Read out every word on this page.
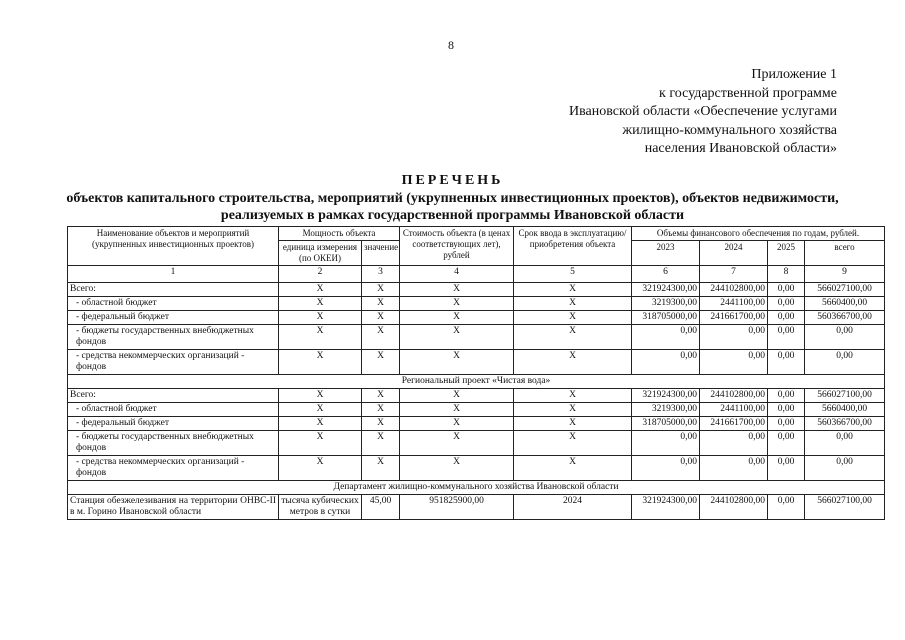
8
Приложение 1
к государственной программе
Ивановской области «Обеспечение услугами
жилищно-коммунального хозяйства
населения Ивановской области»
ПЕРЕЧЕНЬ
объектов капитального строительства, мероприятий (укрупненных инвестиционных проектов), объектов недвижимости, реализуемых в рамках государственной программы Ивановской области
Наименование объектов и мероприятий (укрупненных инвестиционных проектов)	Мощность объекта		Стоимость объекта (в ценах соответствующих лет), рублей	Срок ввода в эксплуатацию/ приобретения объекта	Объемы финансового обеспечения по годам, рублей.			
	единица измерения (по ОКЕИ)	значение			2023	2024	2025	всего
1	2	3	4	5	6	7	8	9
Всего:	X	X	X	X	321924300,00	244102800,00	0,00	566027100,00
- областной бюджет	X	X	X	X	3219300,00	2441100,00	0,00	5660400,00
- федеральный бюджет	X	X	X	X	318705000,00	241661700,00	0,00	560366700,00
- бюджеты государственных внебюджетных фондов	X	X	X	X	0,00	0,00	0,00	0,00
- средства некоммерческих организаций - фондов	X	X	X	X	0,00	0,00	0,00	0,00
Региональный проект «Чистая вода»								
Всего:	X	X	X	X	321924300,00	244102800,00	0,00	566027100,00
- областной бюджет	X	X	X	X	3219300,00	2441100,00	0,00	5660400,00
- федеральный бюджет	X	X	X	X	318705000,00	241661700,00	0,00	560366700,00
- бюджеты государственных внебюджетных фондов	X	X	X	X	0,00	0,00	0,00	0,00
- средства некоммерческих организаций - фондов	X	X	X	X	0,00	0,00	0,00	0,00
Департамент жилищно-коммунального хозяйства Ивановской области								
Станция обезжелезивания на территории ОНВС-II в м. Горино Ивановской области	тысяча кубических метров в сутки	45,00	951825900,00	2024	321924300,00	244102800,00	0,00	566027100,00
